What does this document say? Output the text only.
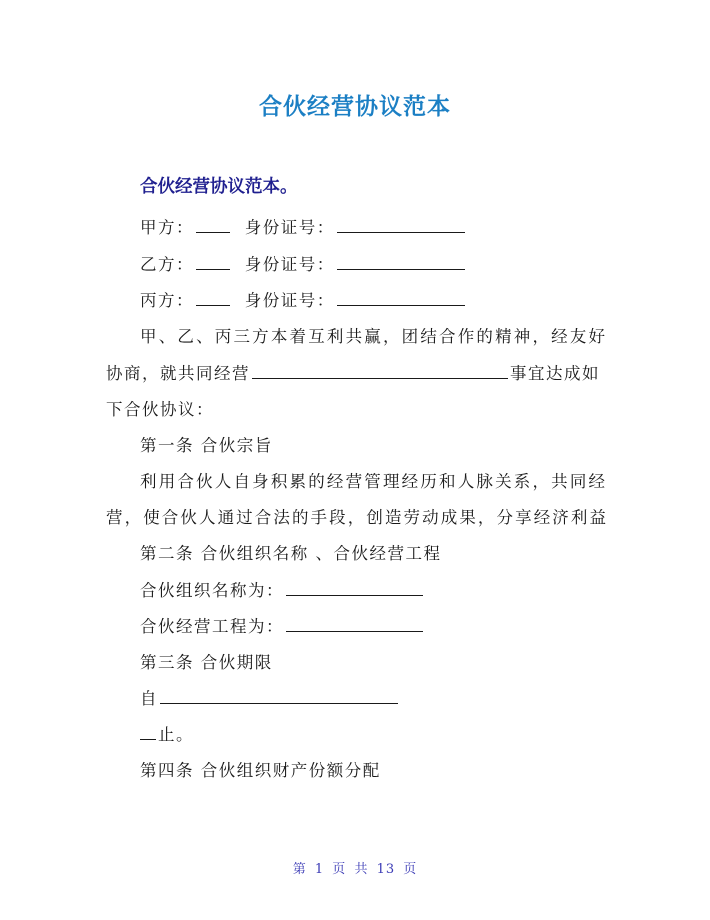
合伙经营协议范本
合伙经营协议范本。
甲方：	身份证号：
乙方：	身份证号：
丙方：	身份证号：
甲、乙、丙三方本着互利共赢，团结合作的精神，经友好
协商，就共同经营	事宜达成如
下合伙协议：
第一条 合伙宗旨
利用合伙人自身积累的经营管理经历和人脉关系，共同经
营，使合伙人通过合法的手段，创造劳动成果，分享经济利益
第二条 合伙组织名称 、合伙经营工程
合伙组织名称为：
合伙经营工程为：
第三条 合伙期限
自
止。
第四条 合伙组织财产份额分配
第 1 页 共 13 页
